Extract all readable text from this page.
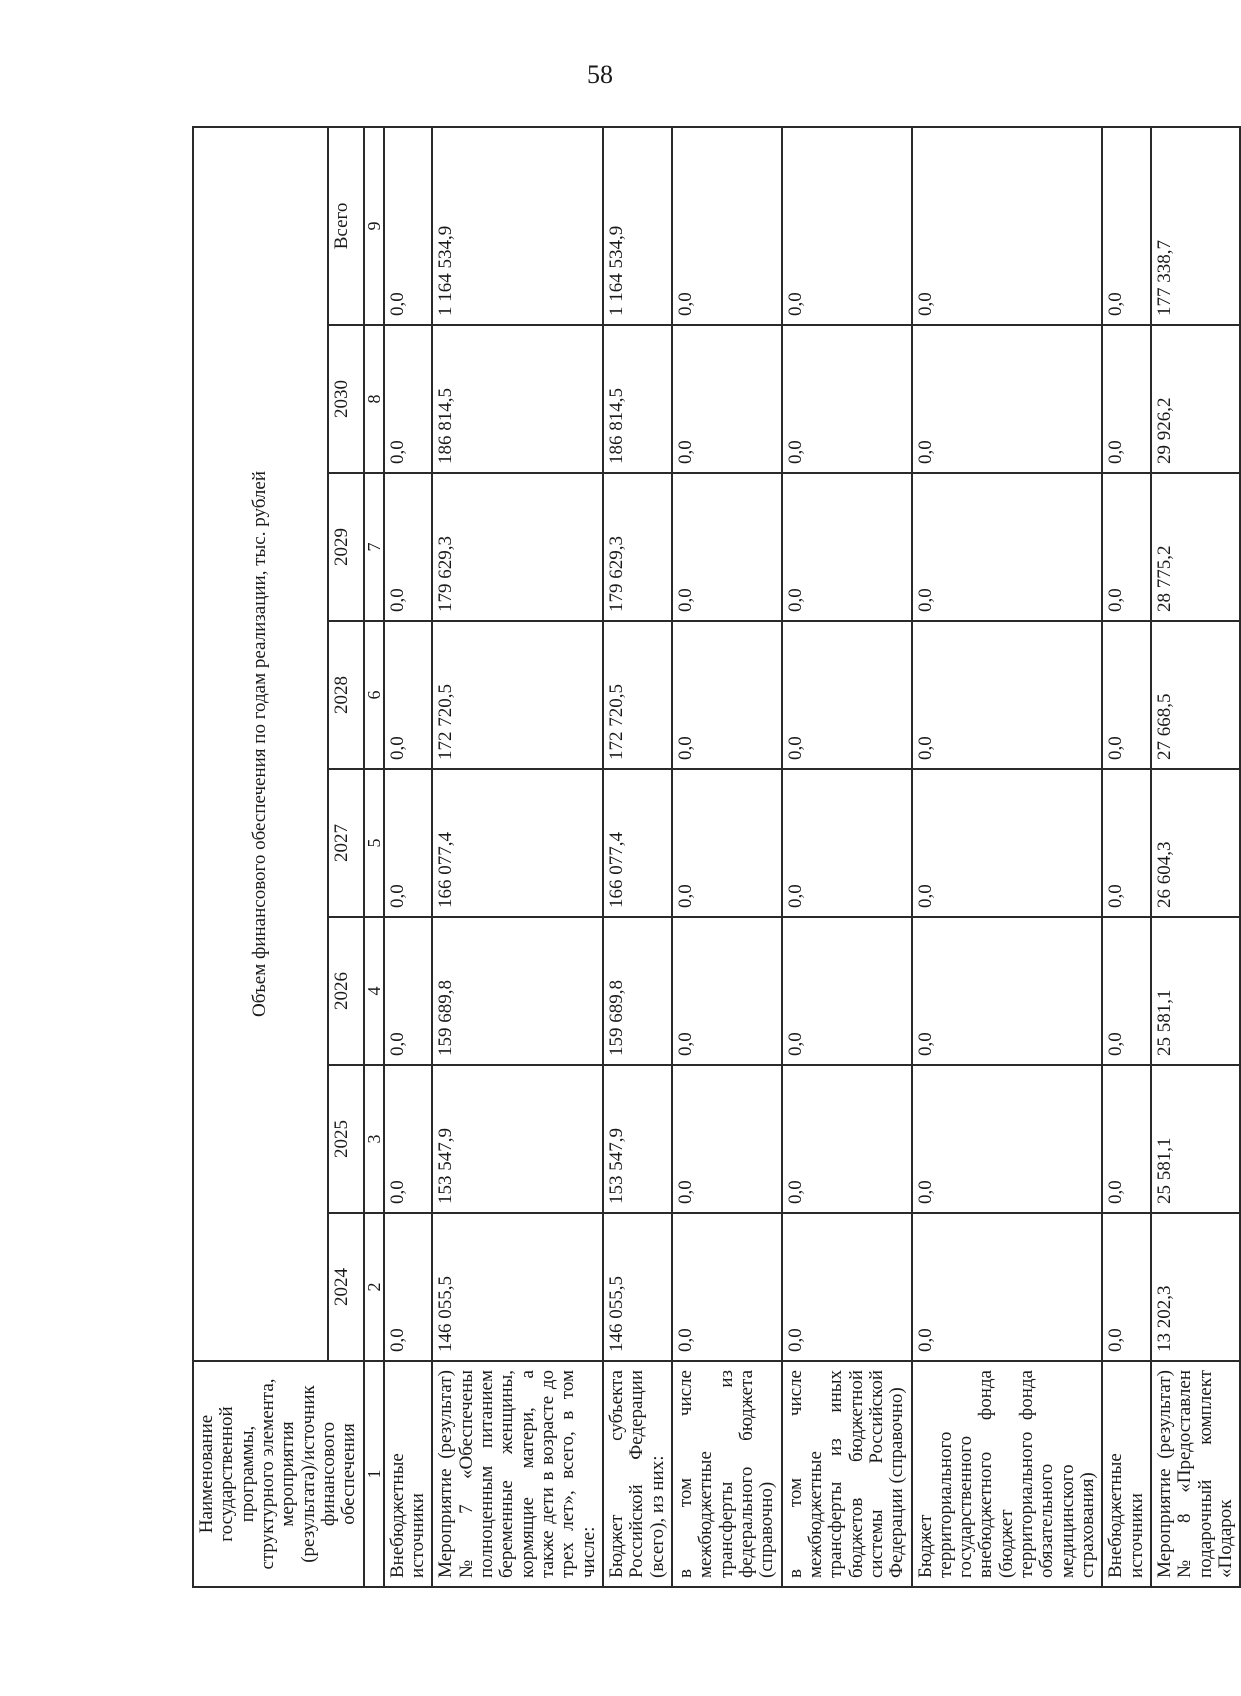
58
Наименование государственной программы, структурного элемента, мероприятия (результата)/источник финансового обеспечения	Объем финансового обеспечения по годам реализации, тыс. рублей							
	2024	2025	2026	2027	2028	2029	2030	Всего
1	2	3	4	5	6	7	8	9
Внебюджетные источники	0,0	0,0	0,0	0,0	0,0	0,0	0,0	0,0
Мероприятие (результат) № 7 «Обеспечены полноценным питанием беременные женщины, кормящие матери, а также дети в возрасте до трех лет», всего, в том числе:	146 055,5	153 547,9	159 689,8	166 077,4	172 720,5	179 629,3	186 814,5	1 164 534,9
Бюджет субъекта Российской Федерации (всего), из них:	146 055,5	153 547,9	159 689,8	166 077,4	172 720,5	179 629,3	186 814,5	1 164 534,9
в том числе межбюджетные трансферты из федерального бюджета (справочно)	0,0	0,0	0,0	0,0	0,0	0,0	0,0	0,0
в том числе межбюджетные трансферты из иных бюджетов бюджетной системы Российской Федерации (справочно)	0,0	0,0	0,0	0,0	0,0	0,0	0,0	0,0
Бюджет территориального государственного внебюджетного фонда (бюджет территориального фонда обязательного медицинского страхования)	0,0	0,0	0,0	0,0	0,0	0,0	0,0	0,0
Внебюджетные источники	0,0	0,0	0,0	0,0	0,0	0,0	0,0	0,0
Мероприятие (результат) № 8 «Предоставлен подарочный комплект «Подарок	13 202,3	25 581,1	25 581,1	26 604,3	27 668,5	28 775,2	29 926,2	177 338,7
